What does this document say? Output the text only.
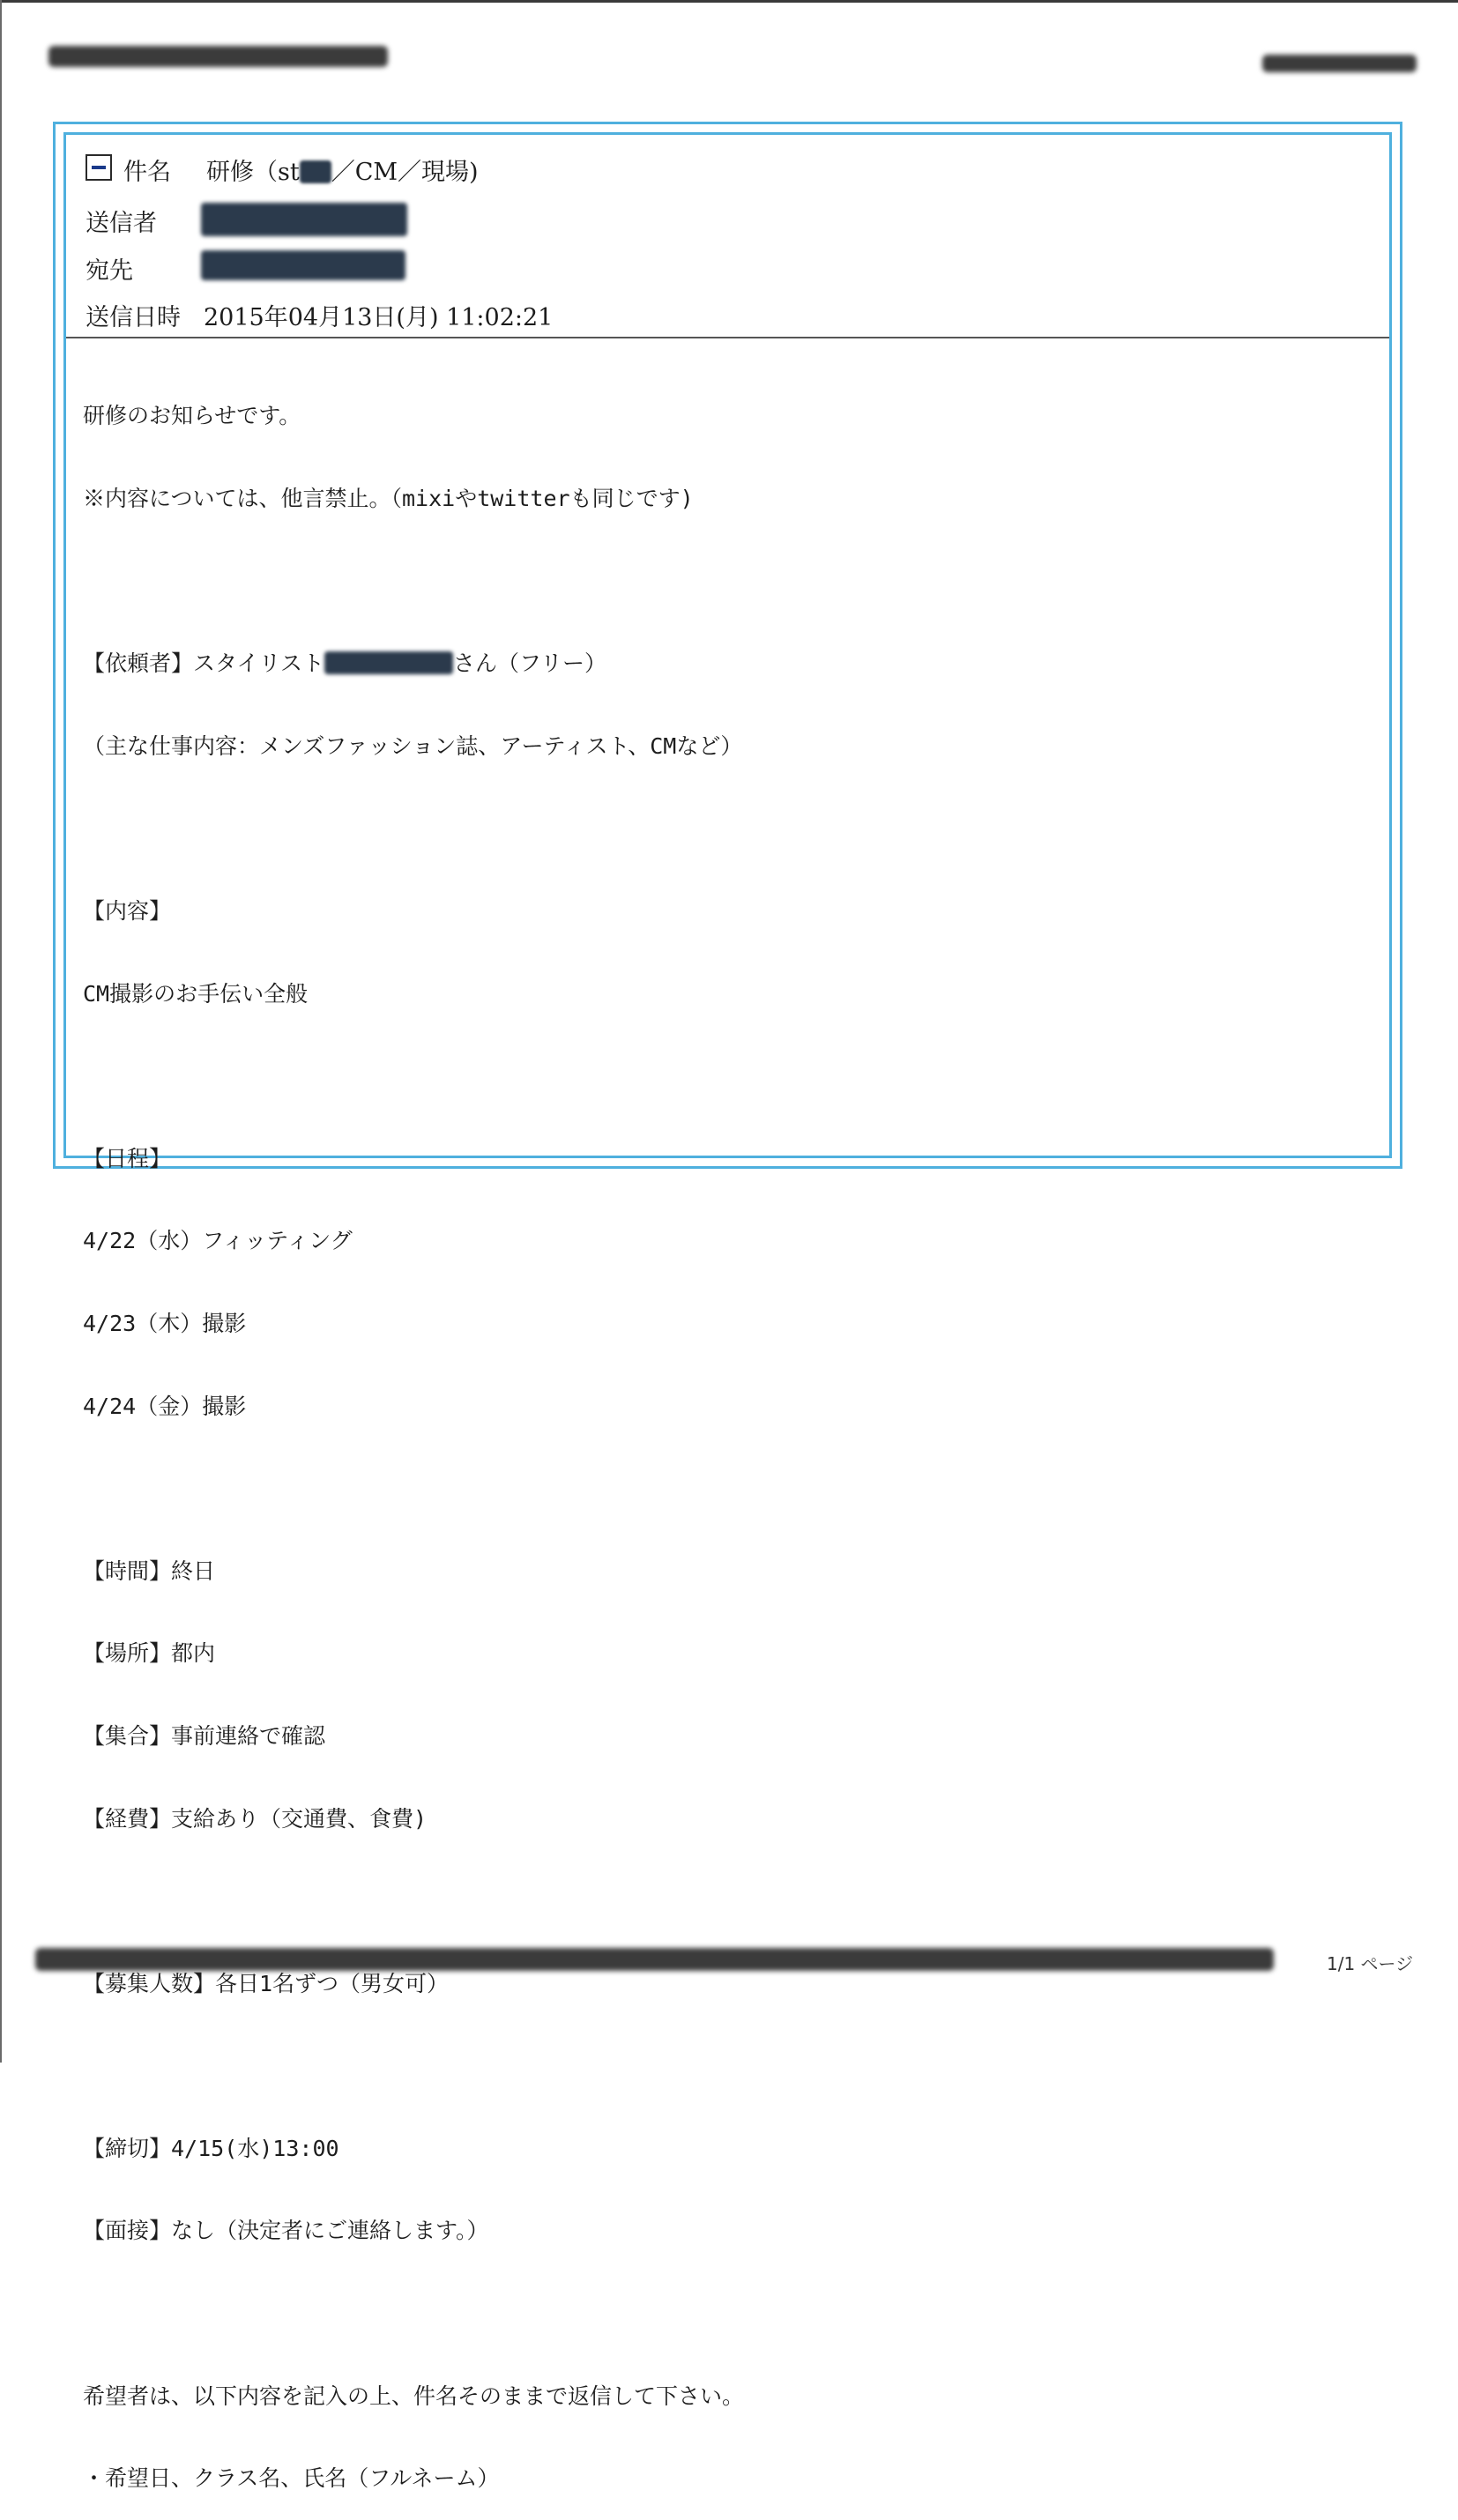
件名 研修（st ／CM／現場)
送信者
宛先
送信日時 2015年04月13日(月) 11:02:21

研修のお知らせです。

※内容については、他言禁止。（mixiやtwitterも同じです)

【依頼者】スタイリスト	さん（フリー）

（主な仕事内容：メンズファッション誌、アーティスト、CMなど）

【内容】

CM撮影のお手伝い全般

【日程】

4/22（水）フィッティング

4/23（木）撮影

4/24（金）撮影

【時間】終日

【場所】都内

【集合】事前連絡で確認

【経費】支給あり（交通費、食費)

【募集人数】各日1名ずつ（男女可）

【締切】4/15(水)13:00

【面接】なし（決定者にご連絡します。）

希望者は、以下内容を記入の上、件名そのままで返信して下さい。

・希望日、クラス名、氏名（フルネーム）

1/1 ページ
